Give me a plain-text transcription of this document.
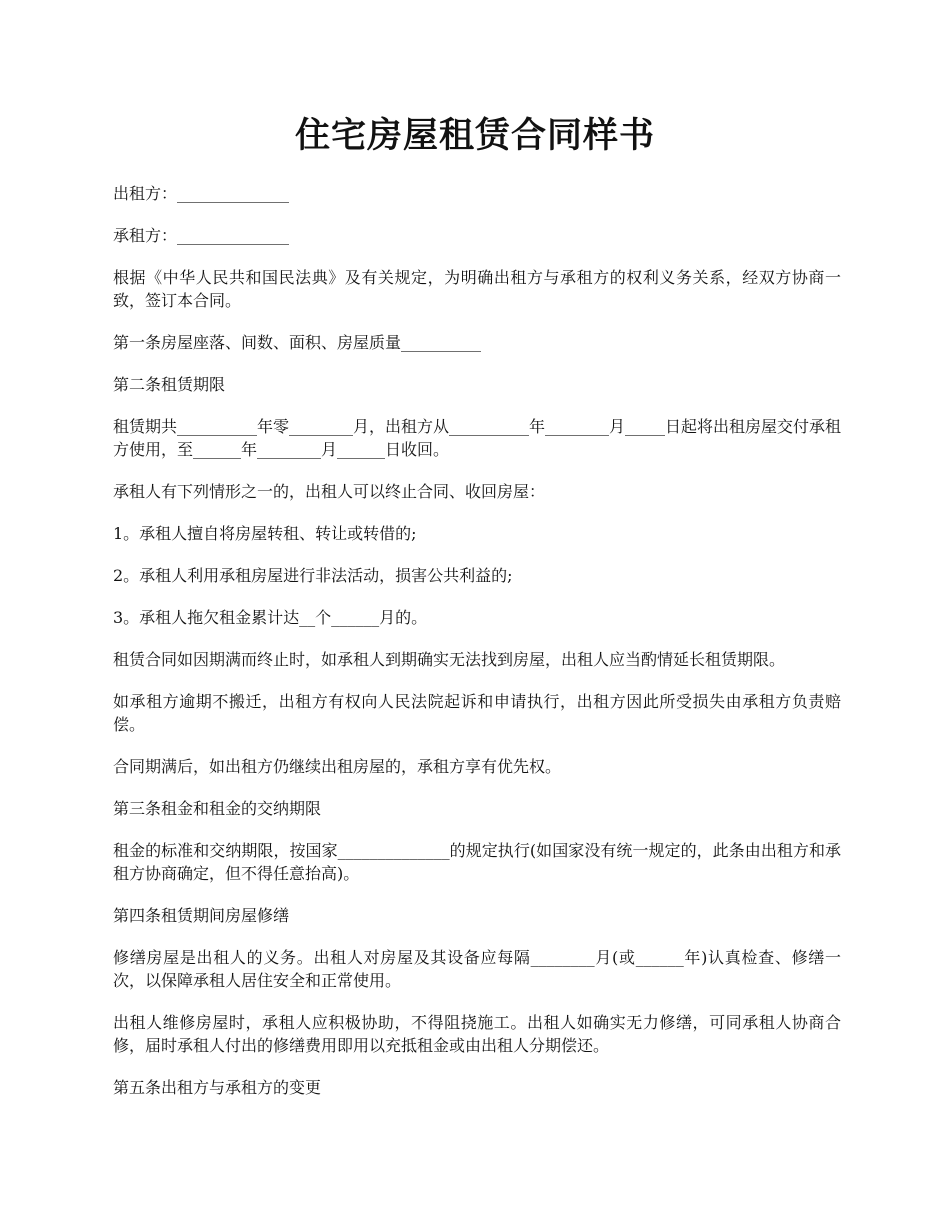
住宅房屋租赁合同样书

出租方：______________

承租方：______________

根据《中华人民共和国民法典》及有关规定，为明确出租方与承租方的权利义务关系，经双方协商一致，签订本合同。

第一条房屋座落、间数、面积、房屋质量__________

第二条租赁期限

租赁期共__________年零________月，出租方从__________年________月_____日起将出租房屋交付承租方使用，至______年________月______日收回。

承租人有下列情形之一的，出租人可以终止合同、收回房屋：

1。承租人擅自将房屋转租、转让或转借的;

2。承租人利用承租房屋进行非法活动，损害公共利益的;

3。承租人拖欠租金累计达__个______月的。

租赁合同如因期满而终止时，如承租人到期确实无法找到房屋，出租人应当酌情延长租赁期限。

如承租方逾期不搬迁，出租方有权向人民法院起诉和申请执行，出租方因此所受损失由承租方负责赔偿。

合同期满后，如出租方仍继续出租房屋的，承租方享有优先权。

第三条租金和租金的交纳期限

租金的标准和交纳期限，按国家______________的规定执行(如国家没有统一规定的，此条由出租方和承租方协商确定，但不得任意抬高)。

第四条租赁期间房屋修缮

修缮房屋是出租人的义务。出租人对房屋及其设备应每隔________月(或______年)认真检查、修缮一次，以保障承租人居住安全和正常使用。

出租人维修房屋时，承租人应积极协助，不得阻挠施工。出租人如确实无力修缮，可同承租人协商合修，届时承租人付出的修缮费用即用以充抵租金或由出租人分期偿还。

第五条出租方与承租方的变更
